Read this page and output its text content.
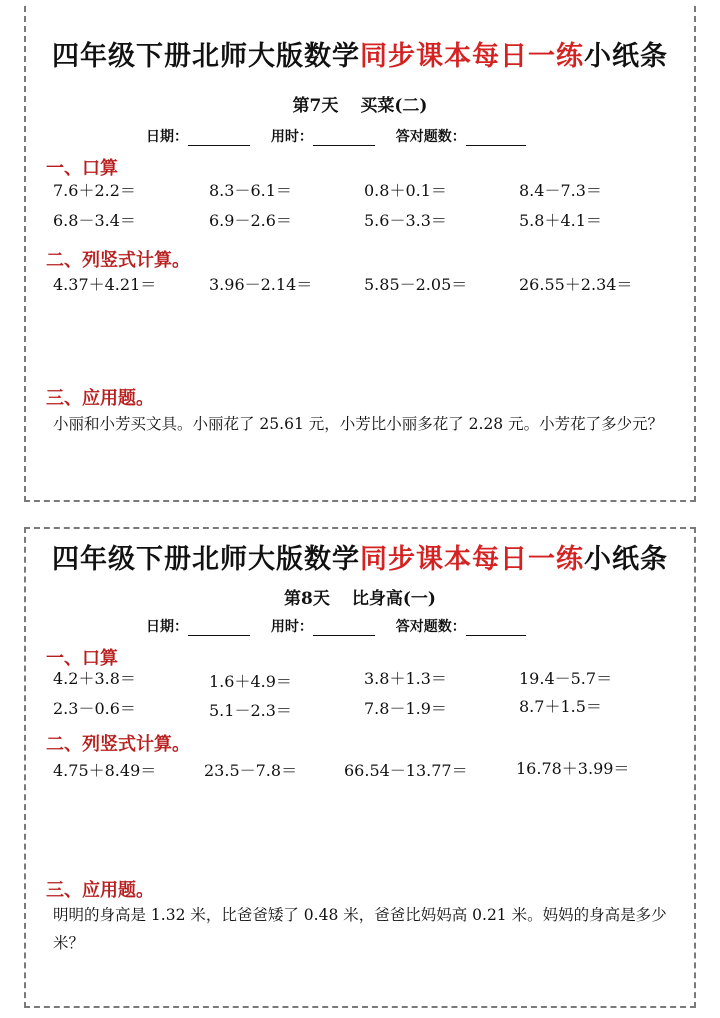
四年级下册北师大版数学同步课本每日一练小纸条
第7天 买菜(二)
日期：	用时：	答对题数：
一、口算
7.6＋2.2＝	8.3－6.1＝	0.8＋0.1＝	8.4－7.3＝
6.8－3.4＝	6.9－2.6＝	5.6－3.3＝	5.8＋4.1＝
二、列竖式计算。
4.37＋4.21＝	3.96－2.14＝	5.85－2.05＝	26.55＋2.34＝
三、应用题。
小丽和小芳买文具。小丽花了 25.61 元，小芳比小丽多花了 2.28 元。小芳花了多少元？
四年级下册北师大版数学同步课本每日一练小纸条
第8天 比身高(一)
日期：	用时：	答对题数：
一、口算
4.2＋3.8＝	1.6＋4.9＝	3.8＋1.3＝	19.4－5.7＝
2.3－0.6＝	5.1－2.3＝	7.8－1.9＝	8.7＋1.5＝
二、列竖式计算。
4.75＋8.49＝	23.5－7.8＝	66.54－13.77＝	16.78＋3.99＝
三、应用题。
明明的身高是 1.32 米，比爸爸矮了 0.48 米，爸爸比妈妈高 0.21 米。妈妈的身高是多少米？
